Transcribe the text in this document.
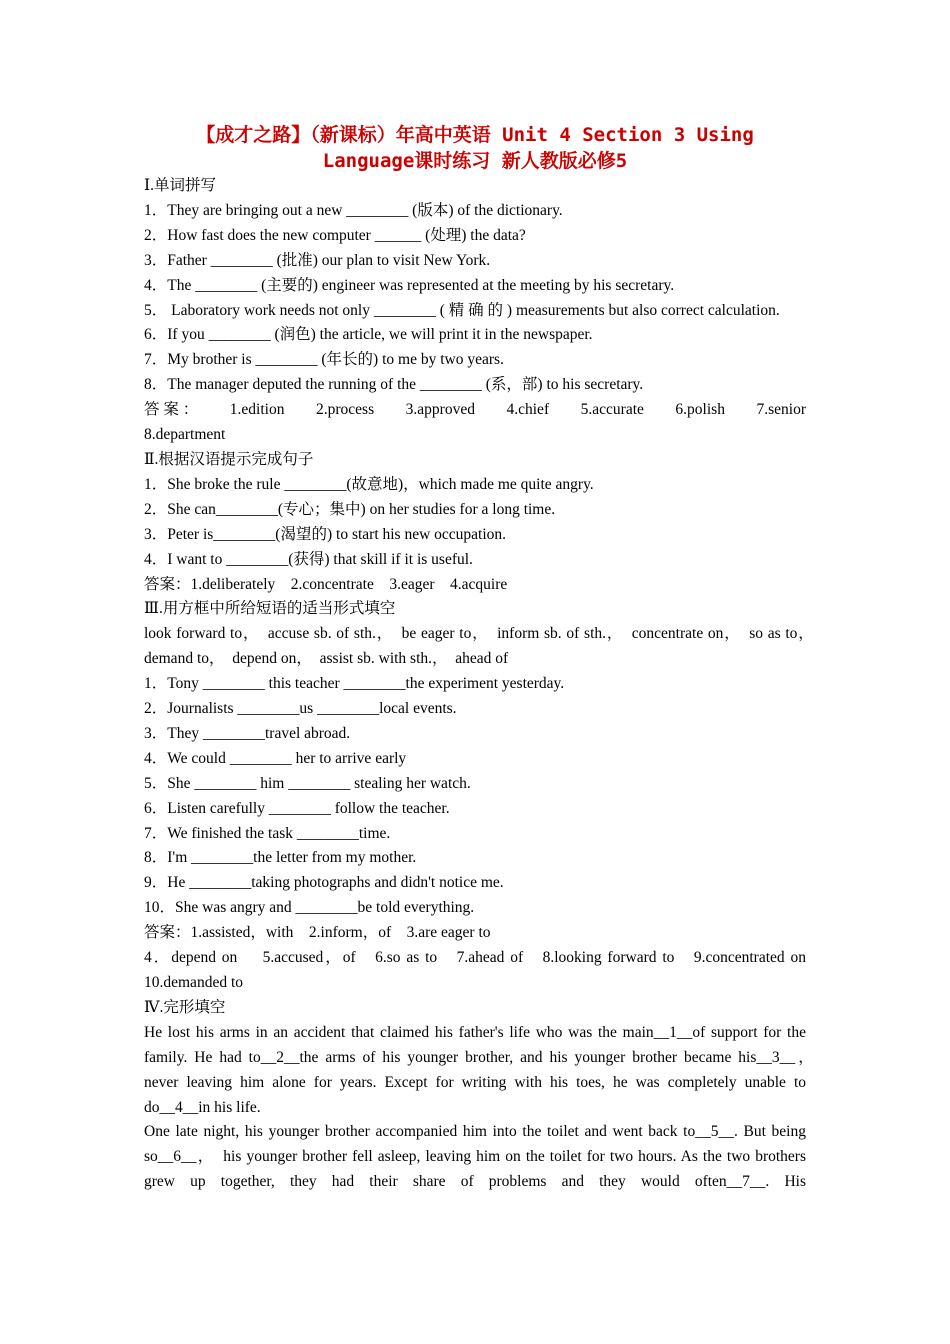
【成才之路】（新课标）年高中英语 Unit 4 Section 3 Using
Language课时练习 新人教版必修5
Ⅰ.单词拼写
1．They are bringing out a new ________ (版本) of the dictionary.
2．How fast does the new computer ______ (处理) the data?
3．Father ________ (批准) our plan to visit New York.
4．The ________ (主要的) engineer was represented at the meeting by his secretary.
5． Laboratory work needs not only ________ ( 精 确 的 ) measurements but also correct calculation.
6．If you ________ (润色) the article, we will print it in the newspaper.
7．My brother is ________ (年长的) to me by two years.
8．The manager deputed the running of the ________ (系，部) to his secretary.
答 案 ： 1.edition 2.process 3.approved 4.chief 5.accurate 6.polish 7.senior
8.department
Ⅱ.根据汉语提示完成句子
1．She broke the rule ________(故意地)，which made me quite angry.
2．She can________(专心；集中) on her studies for a long time.
3．Peter is________(渴望的) to start his new occupation.
4．I want to ________(获得) that skill if it is useful.
答案：1.deliberately　2.concentrate　3.eager　4.acquire
Ⅲ.用方框中所给短语的适当形式填空
look forward to，　accuse sb. of sth.，　be eager to，　inform sb. of sth.，　concentrate on，　so as to，　demand to，　depend on，　assist sb. with sth.，　ahead of
1．Tony ________ this teacher ________the experiment yesterday.
2．Journalists ________us ________local events.
3．They ________travel abroad.
4．We could ________ her to arrive early
5．She ________ him ________ stealing her watch.
6．Listen carefully ________ follow the teacher.
7．We finished the task ________time.
8．I'm ________the letter from my mother.
9．He ________taking photographs and didn't notice me.
10．She was angry and ________be told everything.
答案：1.assisted，with　2.inform，of　3.are eager to
4．depend on　 5.accused，of　6.so as to　7.ahead of　8.looking forward to　9.concentrated on　10.demanded to
Ⅳ.完形填空
He lost his arms in an accident that claimed his father's life who was the main__1__of support for the family. He had to__2__the arms of his younger brother, and his younger brother became his__3__，　never leaving him alone for years. Except for writing with his toes, he was completely unable to do__4__in his life.
One late night, his younger brother accompanied him into the toilet and went back to__5__. But being so__6__，　his younger brother fell asleep, leaving him on the toilet for two hours. As the two brothers grew up together, they had their share of problems and they would often__7__. His
